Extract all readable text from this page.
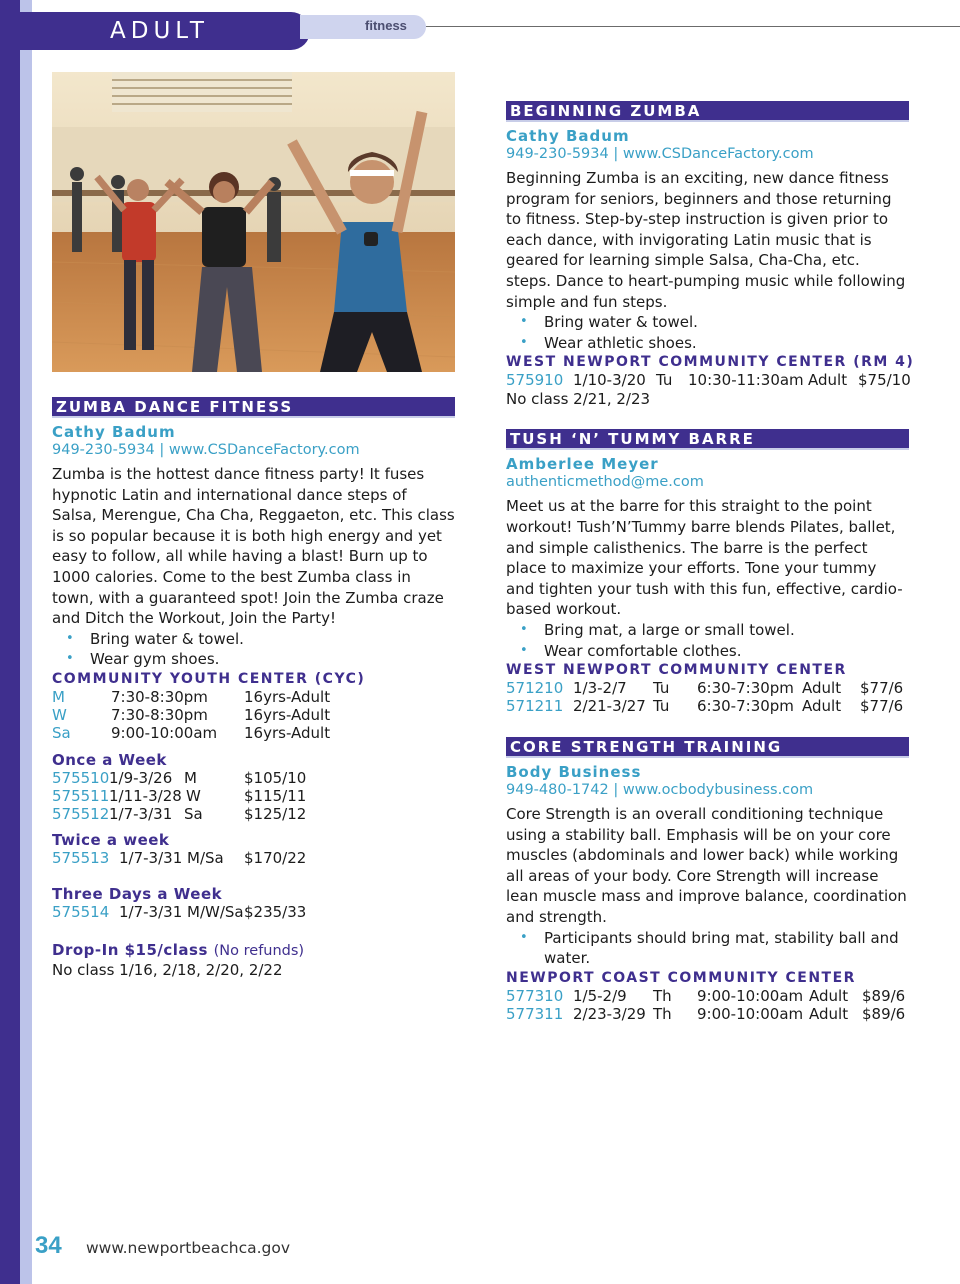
ADULT	fitness
ZUMBA DANCE FITNESS
Cathy Badum
949-230-5934 | www.CSDanceFactory.com
Zumba is the hottest dance fitness party! It fuses hypnotic Latin and international dance steps of Salsa, Merengue, Cha Cha, Reggaeton, etc. This class is so popular because it is both high energy and yet easy to follow, all while having a blast! Burn up to 1000 calories. Come to the best Zumba class in town, with a guaranteed spot! Join the Zumba craze and Ditch the Workout, Join the Party!
• Bring water & towel.
• Wear gym shoes.
COMMUNITY YOUTH CENTER (CYC)
M	7:30-8:30pm 16yrs-Adult
W	7:30-8:30pm 16yrs-Adult
Sa	9:00-10:00am 16yrs-Adult
Once a Week
575510 1/9-3/26 M	$105/10
575511 1/11-3/28 W	$115/11
575512 1/7-3/31 Sa	$125/12
Twice a week
575513 1/7-3/31 M/Sa $170/22
Three Days a Week
575514 1/7-3/31 M/W/Sa $235/33
Drop-In $15/class (No refunds)
No class 1/16, 2/18, 2/20, 2/22
BEGINNING ZUMBA
Cathy Badum
949-230-5934 | www.CSDanceFactory.com
Beginning Zumba is an exciting, new dance fitness program for seniors, beginners and those returning to fitness. Step-by-step instruction is given prior to each dance, with invigorating Latin music that is geared for learning simple Salsa, Cha-Cha, etc. steps. Dance to heart-pumping music while following simple and fun steps.
• Bring water & towel.
• Wear athletic shoes.
WEST NEWPORT COMMUNITY CENTER (RM 4)
575910 1/10-3/20 Tu 10:30-11:30am Adult $75/10
No class 2/21, 2/23
TUSH ‘N’ TUMMY BARRE
Amberlee Meyer
authenticmethod@me.com
Meet us at the barre for this straight to the point workout! Tush’N’Tummy barre blends Pilates, ballet, and simple calisthenics. The barre is the perfect place to maximize your efforts. Tone your tummy and tighten your tush with this fun, effective, cardio-based workout.
• Bring mat, a large or small towel.
• Wear comfortable clothes.
WEST NEWPORT COMMUNITY CENTER
571210 1/3-2/7 Tu 6:30-7:30pm Adult $77/6
571211 2/21-3/27 Tu 6:30-7:30pm Adult $77/6
CORE STRENGTH TRAINING
Body Business
949-480-1742 | www.ocbodybusiness.com
Core Strength is an overall conditioning technique using a stability ball. Emphasis will be on your core muscles (abdominals and lower back) while working all areas of your body. Core Strength will increase lean muscle mass and improve balance, coordination and strength.
• Participants should bring mat, stability ball and water.
NEWPORT COAST COMMUNITY CENTER
577310 1/5-2/9 Th 9:00-10:00am Adult $89/6
577311 2/23-3/29 Th 9:00-10:00am Adult $89/6
34 www.newportbeachca.gov
